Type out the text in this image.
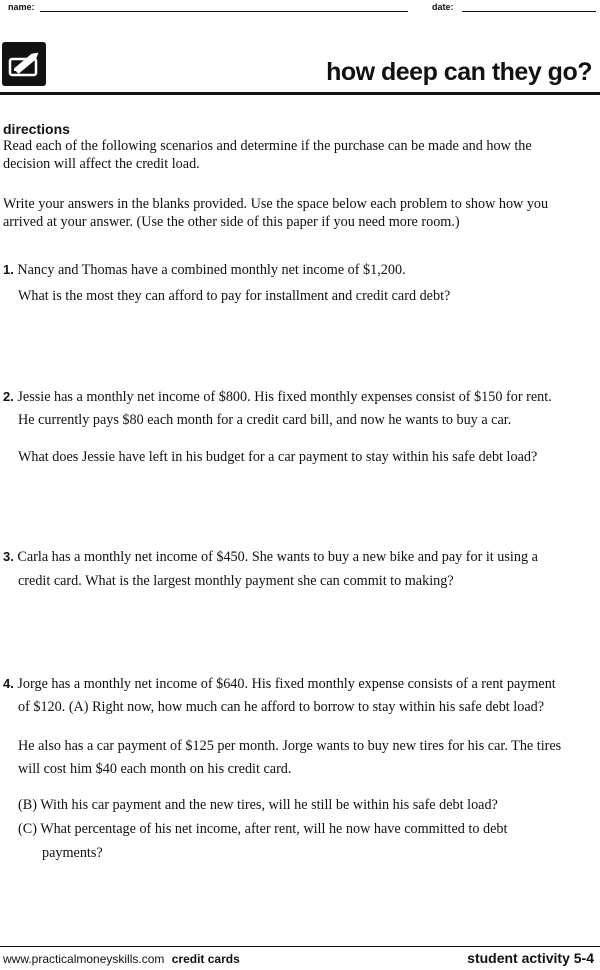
name:	date:
how deep can they go?
directions
Read each of the following scenarios and determine if the purchase can be made and how the
decision will affect the credit load.
Write your answers in the blanks provided. Use the space below each problem to show how you
arrived at your answer. (Use the other side of this paper if you need more room.)
1. Nancy and Thomas have a combined monthly net income of $1,200.
What is the most they can afford to pay for installment and credit card debt?
2. Jessie has a monthly net income of $800. His fixed monthly expenses consist of $150 for rent.
He currently pays $80 each month for a credit card bill, and now he wants to buy a car.
What does Jessie have left in his budget for a car payment to stay within his safe debt load?
3. Carla has a monthly net income of $450. She wants to buy a new bike and pay for it using a
credit card. What is the largest monthly payment she can commit to making?
4. Jorge has a monthly net income of $640. His fixed monthly expense consists of a rent payment
of $120. (A) Right now, how much can he afford to borrow to stay within his safe debt load?
He also has a car payment of $125 per month. Jorge wants to buy new tires for his car. The tires
will cost him $40 each month on his credit card.
(B) With his car payment and the new tires, will he still be within his safe debt load?
(C) What percentage of his net income, after rent, will he now have committed to debt
payments?
www.practicalmoneyskills.com credit cards	student activity 5-4
